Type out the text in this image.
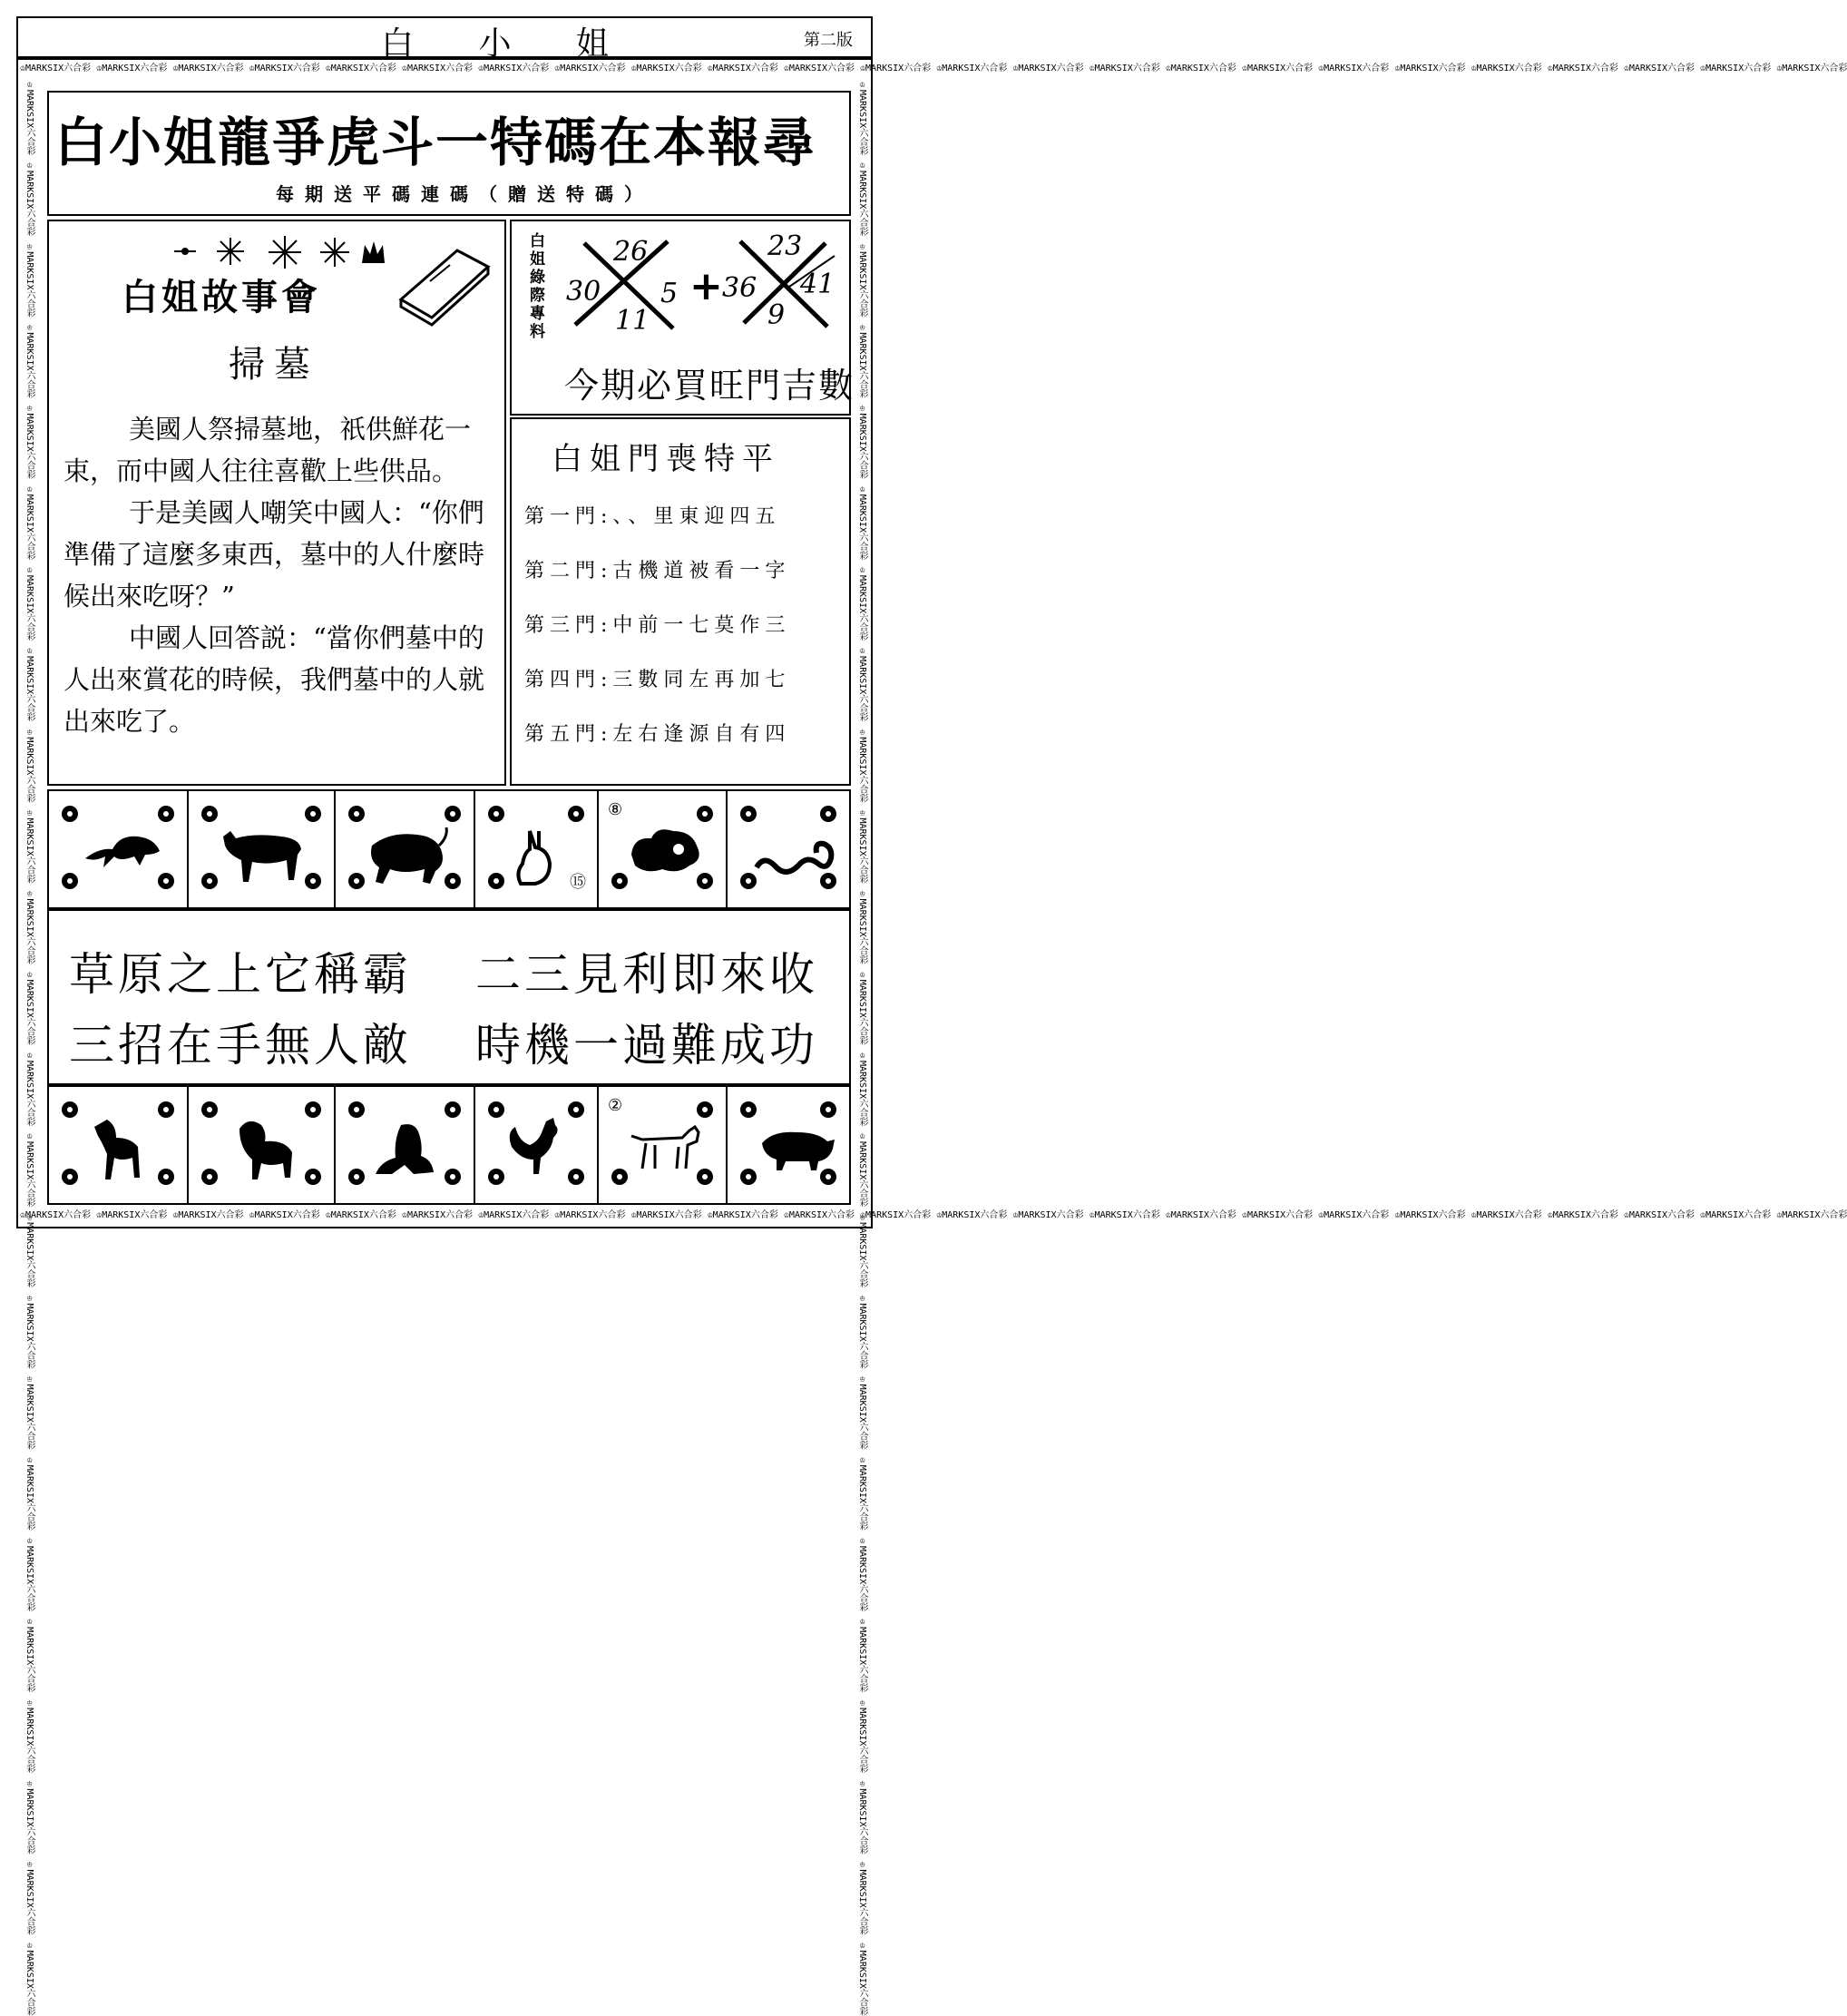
白 小 姐	第二版
♔MARKSIX六合彩 ♔MARKSIX六合彩 ♔MARKSIX六合彩 ♔MARKSIX六合彩 ♔MARKSIX六合彩 ♔MARKSIX六合彩 ♔MARKSIX六合彩 ♔MARKSIX六合彩 ♔MARKSIX六合彩 ♔MARKSIX六合彩 ♔MARKSIX六合彩 ♔MARKSIX六合彩 ♔MARKSIX六合彩 ♔MARKSIX六合彩 ♔MARKSIX六合彩 ♔MARKSIX六合彩 ♔MARKSIX六合彩 ♔MARKSIX六合彩 ♔MARKSIX六合彩 ♔MARKSIX六合彩 ♔MARKSIX六合彩 ♔MARKSIX六合彩 ♔MARKSIX六合彩 ♔MARKSIX六合彩
♔MARKSIX六合彩 ♔MARKSIX六合彩 ♔MARKSIX六合彩 ♔MARKSIX六合彩 ♔MARKSIX六合彩 ♔MARKSIX六合彩 ♔MARKSIX六合彩 ♔MARKSIX六合彩 ♔MARKSIX六合彩 ♔MARKSIX六合彩 ♔MARKSIX六合彩 ♔MARKSIX六合彩 ♔MARKSIX六合彩 ♔MARKSIX六合彩 ♔MARKSIX六合彩 ♔MARKSIX六合彩 ♔MARKSIX六合彩 ♔MARKSIX六合彩 ♔MARKSIX六合彩 ♔MARKSIX六合彩 ♔MARKSIX六合彩 ♔MARKSIX六合彩 ♔MARKSIX六合彩 ♔MARKSIX六合彩
♔MARKSIX六合彩 ♔MARKSIX六合彩 ♔MARKSIX六合彩 ♔MARKSIX六合彩 ♔MARKSIX六合彩 ♔MARKSIX六合彩 ♔MARKSIX六合彩 ♔MARKSIX六合彩 ♔MARKSIX六合彩 ♔MARKSIX六合彩 ♔MARKSIX六合彩 ♔MARKSIX六合彩 ♔MARKSIX六合彩 ♔MARKSIX六合彩 ♔MARKSIX六合彩 ♔MARKSIX六合彩 ♔MARKSIX六合彩 ♔MARKSIX六合彩 ♔MARKSIX六合彩 ♔MARKSIX六合彩 ♔MARKSIX六合彩 ♔MARKSIX六合彩 ♔MARKSIX六合彩 ♔MARKSIX六合彩	♔MARKSIX六合彩 ♔MARKSIX六合彩 ♔MARKSIX六合彩 ♔MARKSIX六合彩 ♔MARKSIX六合彩 ♔MARKSIX六合彩 ♔MARKSIX六合彩 ♔MARKSIX六合彩 ♔MARKSIX六合彩 ♔MARKSIX六合彩 ♔MARKSIX六合彩 ♔MARKSIX六合彩 ♔MARKSIX六合彩 ♔MARKSIX六合彩 ♔MARKSIX六合彩 ♔MARKSIX六合彩 ♔MARKSIX六合彩 ♔MARKSIX六合彩 ♔MARKSIX六合彩 ♔MARKSIX六合彩 ♔MARKSIX六合彩 ♔MARKSIX六合彩 ♔MARKSIX六合彩 ♔MARKSIX六合彩
白小姐龍爭虎斗一特碼在本報尋
每期送平碼連碼（贈送特碼）
白姐故事會
掃墓

美國人祭掃墓地，祇供鮮花一束，而中國人往往喜歡上些供品。

于是美國人嘲笑中國人：“你們準備了這麼多東西，墓中的人什麼時候出來吃呀？”

中國人回答説：“當你們墓中的人出來賞花的時候，我們墓中的人就出來吃了。

白姐綠際專料	26
30 5
11
+
23
36 41
9
今期必買旺門吉數
白姐門喪特平
第一門:、、里東迎四五
第二門:古機道被看一字
第三門:中前一七莫作三
第四門:三數同左再加七
第五門:左右逢源自有四
⑮
⑧
草原之上它稱霸 二三見利即來收
三招在手無人敵 時機一過難成功
②
